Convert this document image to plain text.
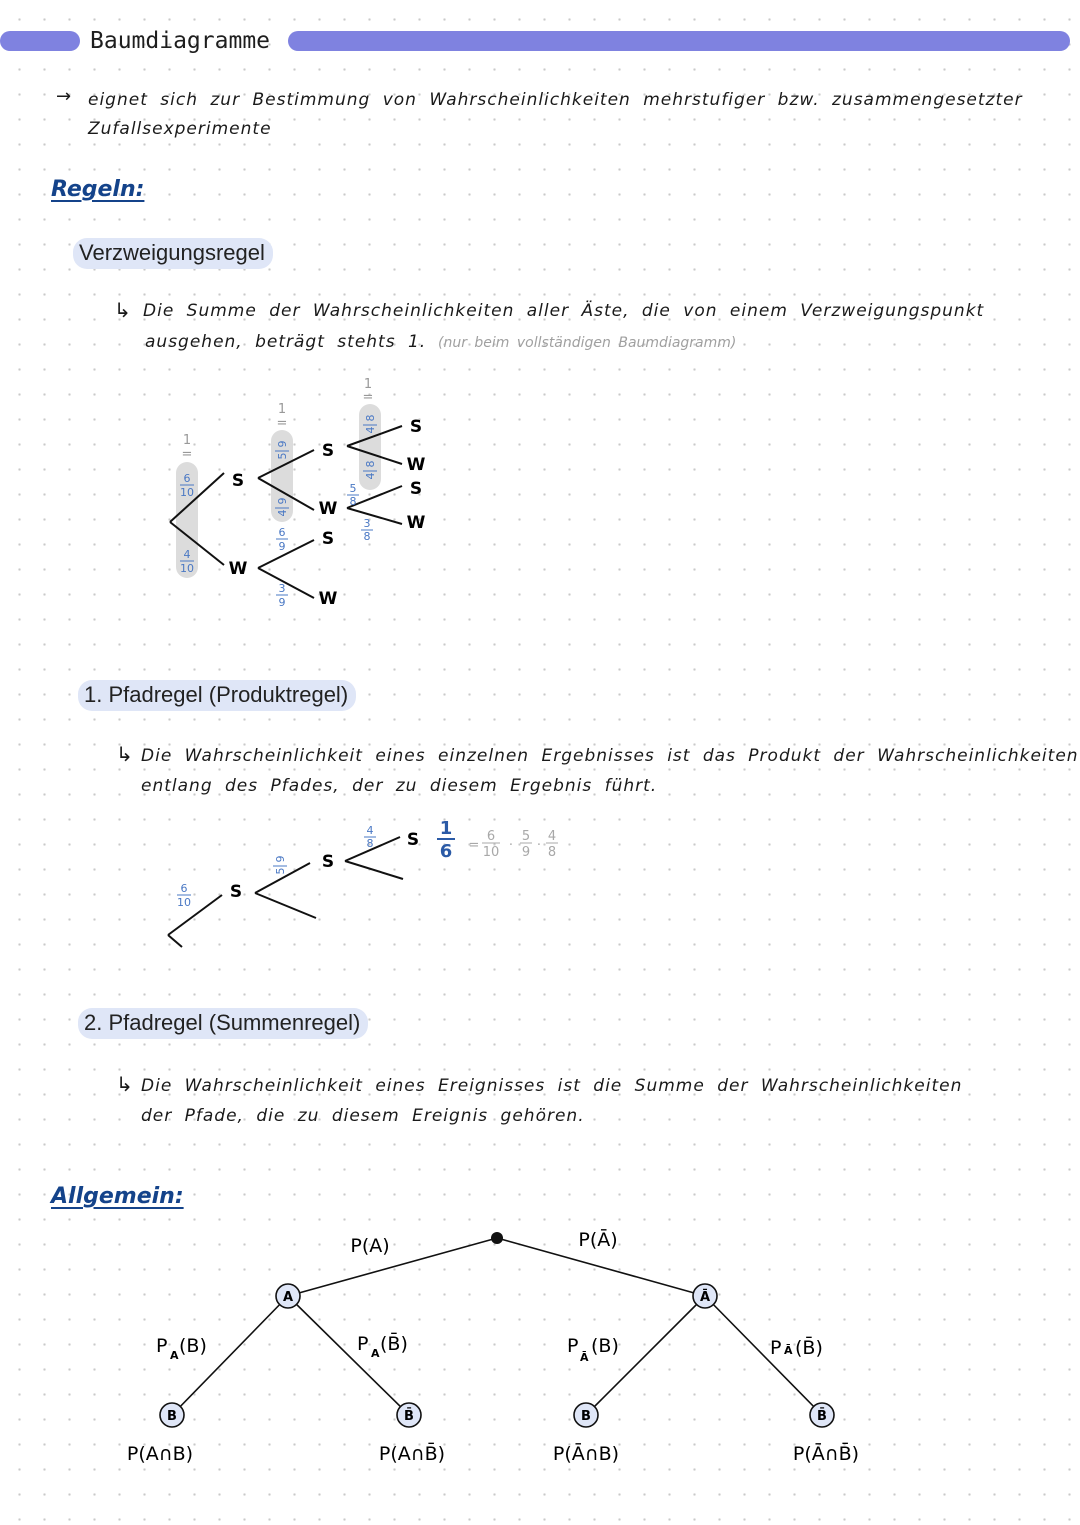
Baumdiagramme
→ eignet sich zur Bestimmung von Wahrscheinlichkeiten mehrstufiger bzw. zusammengesetzter
Zufallsexperimente
Regeln:
Verzweigungsregel
↳ Die Summe der Wahrscheinlichkeiten aller Äste, die von einem Verzweigungspunkt
ausgehen, beträgt stehts 1. (nur beim vollständigen Baumdiagramm)
1
=
1
=
1
=
S
W
S
W
S
W
S
W
S
W
6
10
4
10
5
9
4
9
6
9
3
9
4
8
4
8
5
8
3
8
1. Pfadregel (Produktregel)
↳ Die Wahrscheinlichkeit eines einzelnen Ergebnisses ist das Produkt der Wahrscheinlichkeiten
entlang des Pfades, der zu diesem Ergebnis führt.
S
S
S
6
10
5
9
4
8
1
6 =
6
10 ·
5
9 ·
4
8
2. Pfadregel (Summenregel)
↳ Die Wahrscheinlichkeit eines Ereignisses ist die Summe der Wahrscheinlichkeiten
der Pfade, die zu diesem Ereignis gehören.
Allgemein:
A	Ā
B	B̄	B	B̄
P(A)	P(Ā)
P A (B)	P A (B̄)	P
Ā
(B)	P Ā (B̄)
P(A∩B)	P(A∩B̄)	P(Ā∩B)	P(Ā∩B̄)
